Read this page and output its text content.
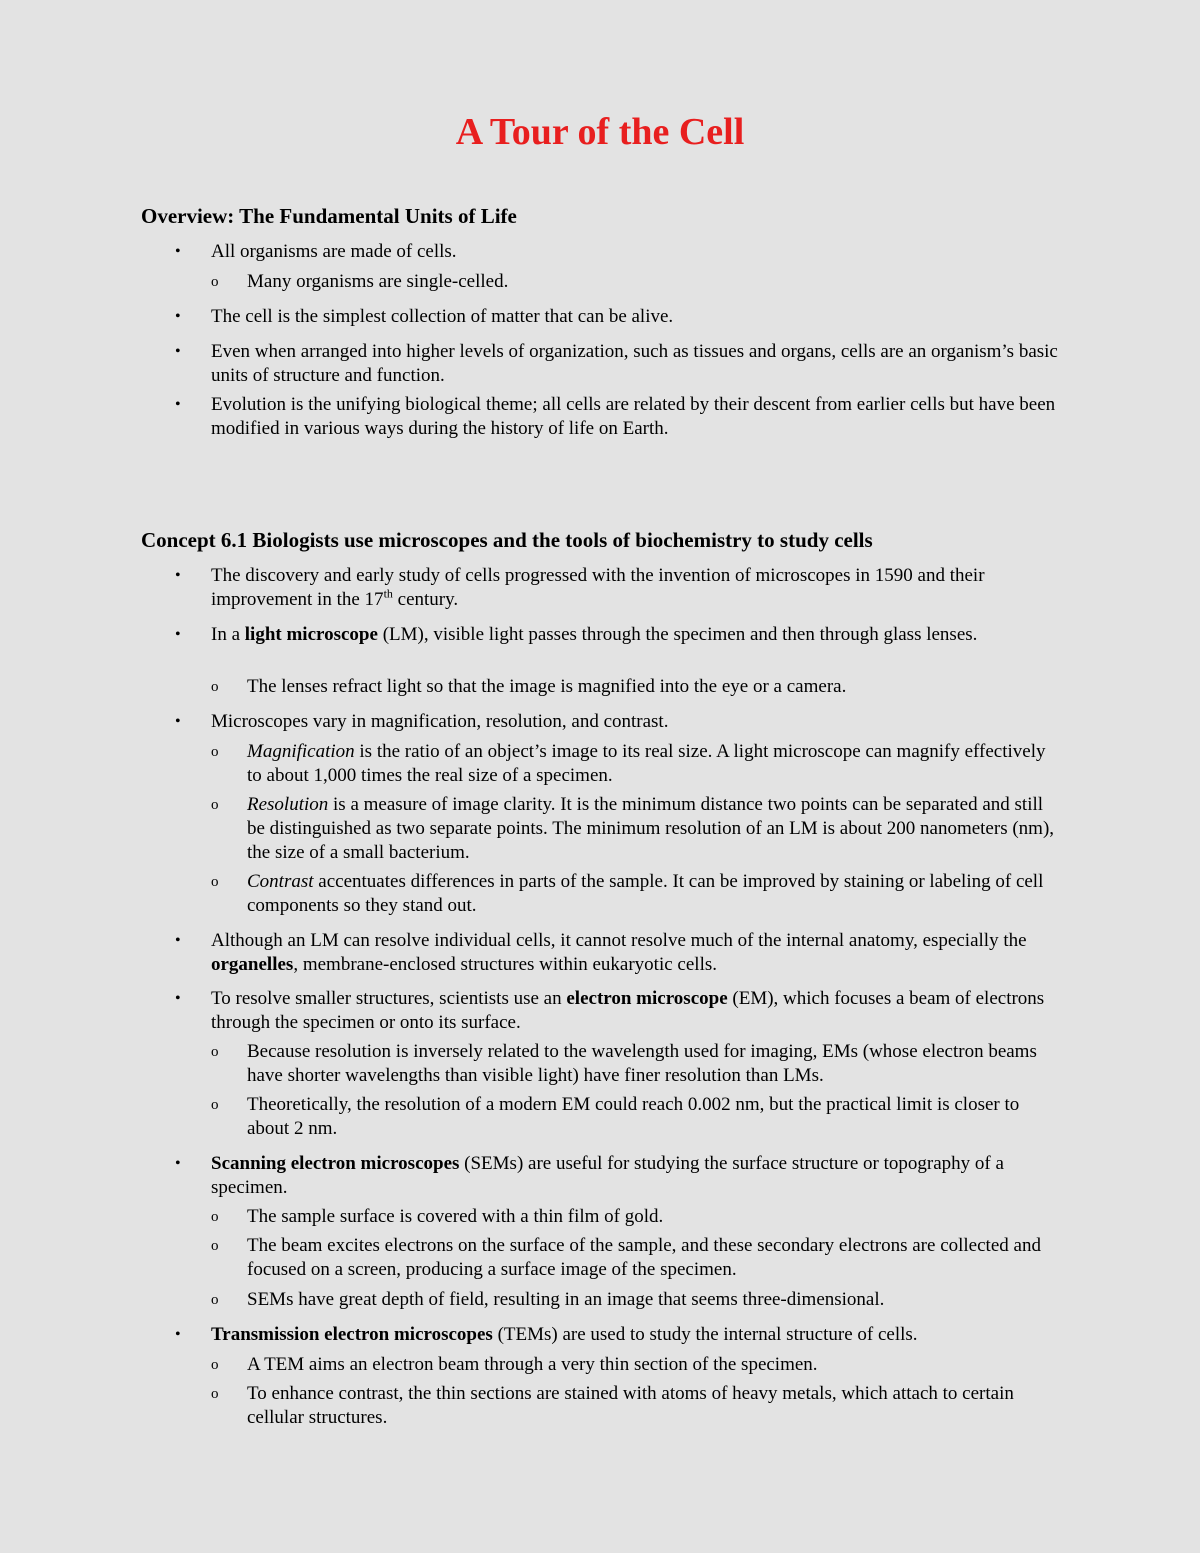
A Tour of the Cell
Overview: The Fundamental Units of Life
• All organisms are made of cells.
o Many organisms are single-celled.
• The cell is the simplest collection of matter that can be alive.
• Even when arranged into higher levels of organization, such as tissues and organs, cells are an organism’s basic units of structure and function.
• Evolution is the unifying biological theme; all cells are related by their descent from earlier cells but have been modified in various ways during the history of life on Earth.
Concept 6.1 Biologists use microscopes and the tools of biochemistry to study cells
• The discovery and early study of cells progressed with the invention of microscopes in 1590 and their improvement in the 17th century.
• In a light microscope (LM), visible light passes through the specimen and then through glass lenses.
o The lenses refract light so that the image is magnified into the eye or a camera.
• Microscopes vary in magnification, resolution, and contrast.
o Magnification is the ratio of an object’s image to its real size. A light microscope can magnify effectively to about 1,000 times the real size of a specimen.
o Resolution is a measure of image clarity. It is the minimum distance two points can be separated and still be distinguished as two separate points. The minimum resolution of an LM is about 200 nanometers (nm), the size of a small bacterium.
o Contrast accentuates differences in parts of the sample. It can be improved by staining or labeling of cell components so they stand out.
• Although an LM can resolve individual cells, it cannot resolve much of the internal anatomy, especially the organelles, membrane-enclosed structures within eukaryotic cells.
• To resolve smaller structures, scientists use an electron microscope (EM), which focuses a beam of electrons through the specimen or onto its surface.
o Because resolution is inversely related to the wavelength used for imaging, EMs (whose electron beams have shorter wavelengths than visible light) have finer resolution than LMs.
o Theoretically, the resolution of a modern EM could reach 0.002 nm, but the practical limit is closer to about 2 nm.
• Scanning electron microscopes (SEMs) are useful for studying the surface structure or topography of a specimen.
o The sample surface is covered with a thin film of gold.
o The beam excites electrons on the surface of the sample, and these secondary electrons are collected and focused on a screen, producing a surface image of the specimen.
o SEMs have great depth of field, resulting in an image that seems three-dimensional.
• Transmission electron microscopes (TEMs) are used to study the internal structure of cells.
o A TEM aims an electron beam through a very thin section of the specimen.
o To enhance contrast, the thin sections are stained with atoms of heavy metals, which attach to certain cellular structures.
